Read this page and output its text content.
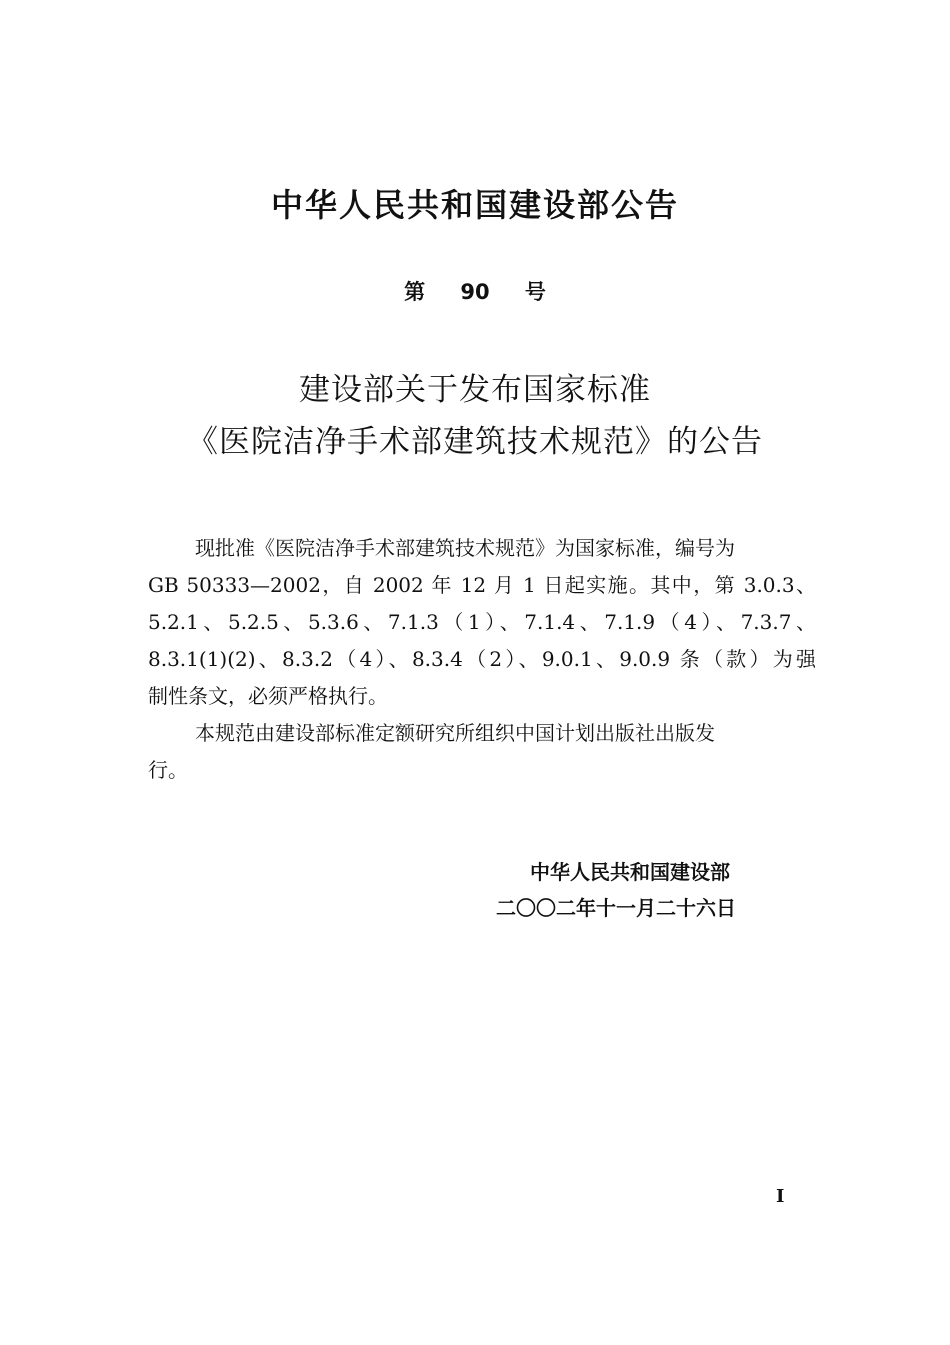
中华人民共和国建设部公告
第 90 号
建设部关于发布国家标准
《医院洁净手术部建筑技术规范》的公告
现批准《医院洁净手术部建筑技术规范》为国家标准，编号为
GB 50333—2002，自 2002 年 12 月 1 日起实施。其中，第 3.0.3、
5.2.1、5.2.5、5.3.6、7.1.3（1）、7.1.4、7.1.9（4）、7.3.7、
8.3.1(1)(2)、8.3.2（4）、8.3.4（2）、9.0.1、9.0.9 条（款）为强
制性条文，必须严格执行。
本规范由建设部标准定额研究所组织中国计划出版社出版发
行。
中华人民共和国建设部
二〇〇二年十一月二十六日
I
